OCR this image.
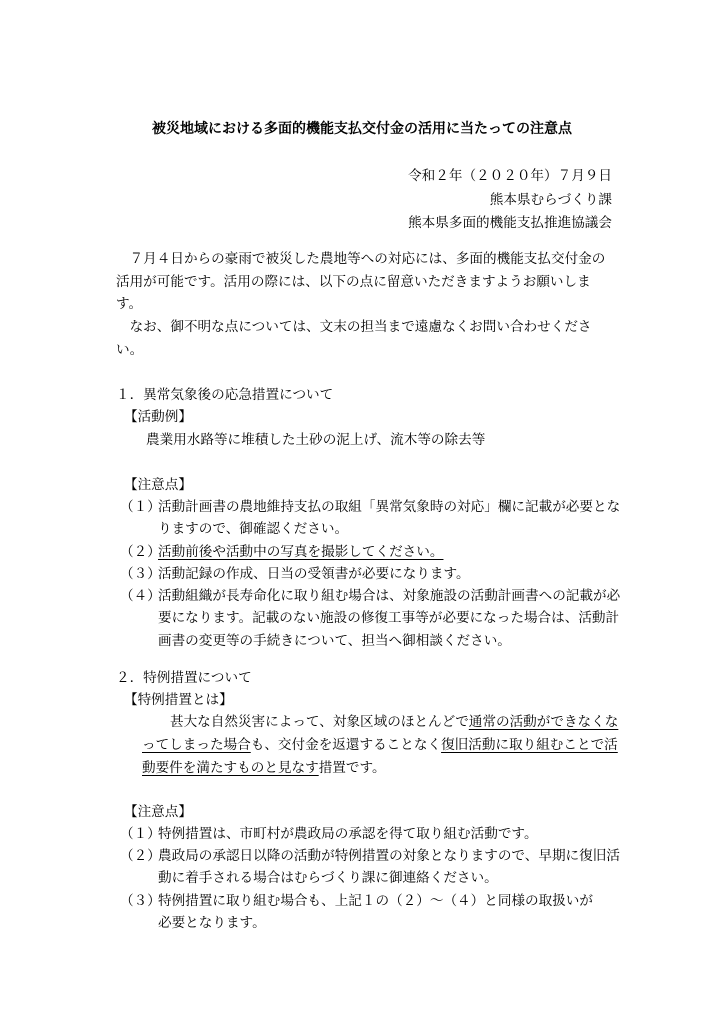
被災地域における多面的機能支払交付金の活用に当たっての注意点
令和２年（２０２０年）７月９日
熊本県むらづくり課
熊本県多面的機能支払推進協議会

　７月４日からの豪雨で被災した農地等への対応には、多面的機能支払交付金の活用が可能です。活用の際には、以下の点に留意いただきますようお願いします。

　なお、御不明な点については、文末の担当まで遠慮なくお問い合わせください。

１．異常気象後の応急措置について
【活動例】
農業用水路等に堆積した土砂の泥上げ、流木等の除去等
【注意点】
（１）
活動計画書の農地維持支払の取組「異常気象時の対応」欄に記載が必要となりますので、御確認ください。
（２）
活動前後や活動中の写真を撮影してください。
（３）
活動記録の作成、日当の受領書が必要になります。
（４）
活動組織が長寿命化に取り組む場合は、対象施設の活動計画書への記載が必要になります。記載のない施設の修復工事等が必要になった場合は、活動計画書の変更等の手続きについて、担当へ御相談ください。
２．特例措置について
【特例措置とは】

甚大な自然災害によって、対象区域のほとんどで通常の活動ができなくなってしまった場合も、交付金を返還することなく復旧活動に取り組むことで活動要件を満たすものと見なす措置です。

【注意点】
（１）
特例措置は、市町村が農政局の承認を得て取り組む活動です。
（２）
農政局の承認日以降の活動が特例措置の対象となりますので、早期に復旧活動に着手される場合はむらづくり課に御連絡ください。
（３）
特例措置に取り組む場合も、上記１の（２）～（４）と同様の取扱いが必要となります。
